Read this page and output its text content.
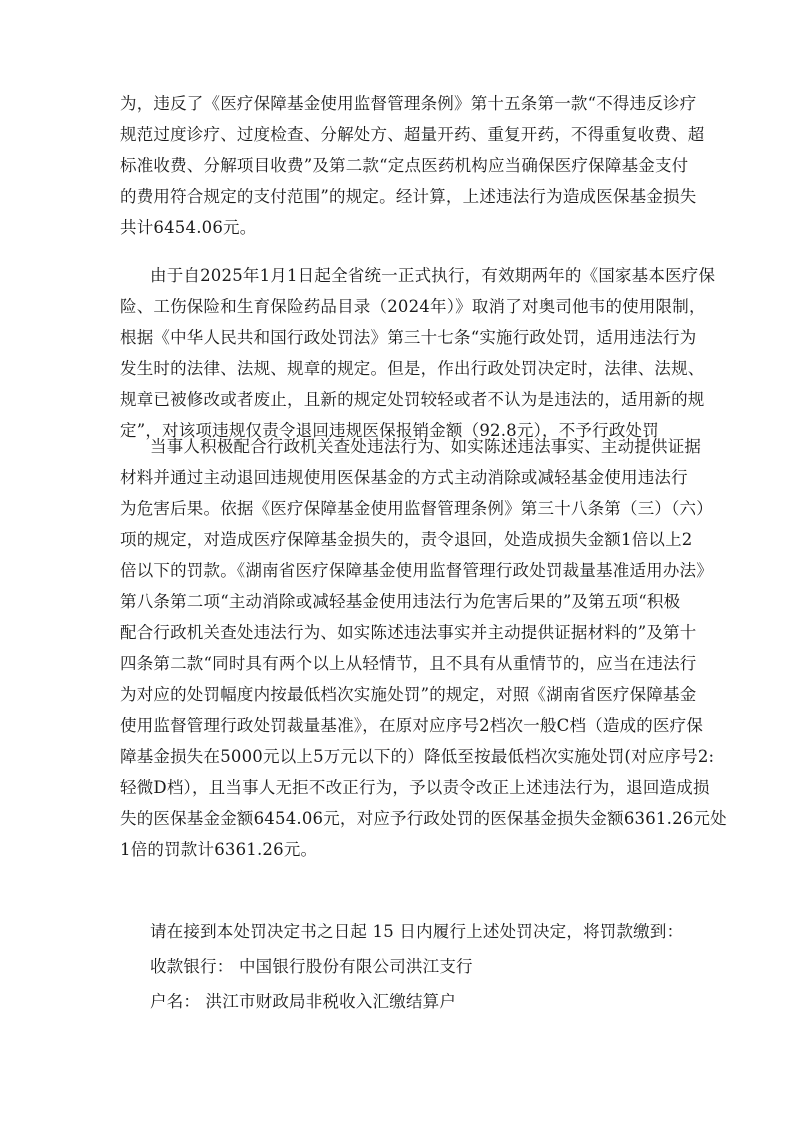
为，违反了《医疗保障基金使用监督管理条例》第十五条第一款“不得违反诊疗
规范过度诊疗、过度检查、分解处方、超量开药、重复开药，不得重复收费、超
标准收费、分解项目收费”及第二款“定点医药机构应当确保医疗保障基金支付
的费用符合规定的支付范围”的规定。经计算，上述违法行为造成医保基金损失
共计6454.06元。
由于自2025年1月1日起全省统一正式执行，有效期两年的《国家基本医疗保
险、工伤保险和生育保险药品目录（2024年）》取消了对奥司他韦的使用限制，
根据《中华人民共和国行政处罚法》第三十七条“实施行政处罚，适用违法行为
发生时的法律、法规、规章的规定。但是，作出行政处罚决定时，法律、法规、
规章已被修改或者废止，且新的规定处罚较轻或者不认为是违法的，适用新的规
定”，对该项违规仅责令退回违规医保报销金额（92.8元），不予行政处罚
当事人积极配合行政机关查处违法行为、如实陈述违法事实、主动提供证据
材料并通过主动退回违规使用医保基金的方式主动消除或减轻基金使用违法行
为危害后果。依据《医疗保障基金使用监督管理条例》第三十八条第（三）（六）
项的规定，对造成医疗保障基金损失的，责令退回，处造成损失金额1倍以上2
倍以下的罚款。《湖南省医疗保障基金使用监督管理行政处罚裁量基准适用办法》
第八条第二项“主动消除或减轻基金使用违法行为危害后果的”及第五项“积极
配合行政机关查处违法行为、如实陈述违法事实并主动提供证据材料的”及第十
四条第二款“同时具有两个以上从轻情节，且不具有从重情节的，应当在违法行
为对应的处罚幅度内按最低档次实施处罚”的规定，对照《湖南省医疗保障基金
使用监督管理行政处罚裁量基准》，在原对应序号2档次一般C档（造成的医疗保
障基金损失在5000元以上5万元以下的）降低至按最低档次实施处罚(对应序号2:
轻微D档），且当事人无拒不改正行为，予以责令改正上述违法行为，退回造成损
失的医保基金金额6454.06元，对应予行政处罚的医保基金损失金额6361.26元处
1倍的罚款计6361.26元。
请在接到本处罚决定书之日起 15 日内履行上述处罚决定，将罚款缴到：
收款银行： 中国银行股份有限公司洪江支行
户名： 洪江市财政局非税收入汇缴结算户
